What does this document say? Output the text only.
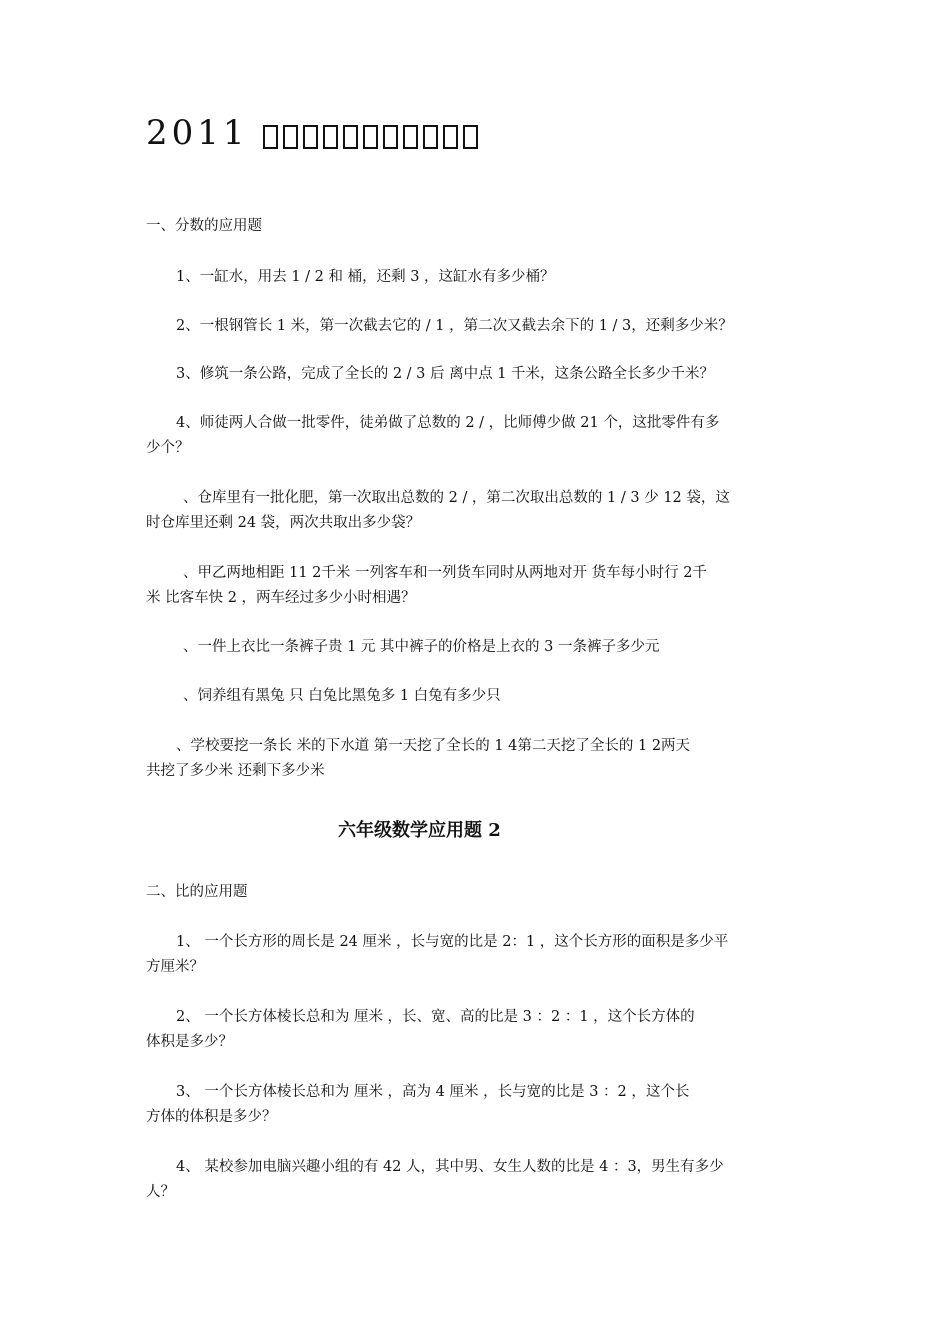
2011
一、分数的应用题
1、一缸水，用去 1 / 2 和 桶，还剩 3 ，这缸水有多少桶？
2、一根钢管长 1 米，第一次截去它的 / 1 ，第二次又截去余下的 1 / 3，还剩多少米？
3、修筑一条公路，完成了全长的 2 / 3 后 离中点 1 千米，这条公路全长多少千米？
4、师徒两人合做一批零件，徒弟做了总数的 2 / ，比师傅少做 21 个，这批零件有多
少个？
、仓库里有一批化肥，第一次取出总数的 2 / ，第二次取出总数的 1 / 3 少 12 袋，这
时仓库里还剩 24 袋，两次共取出多少袋？
、甲乙两地相距 11 2千米 一列客车和一列货车同时从两地对开 货车每小时行 2千
米 比客车快 2 ，两车经过多少小时相遇？
、一件上衣比一条裤子贵 1 元 其中裤子的价格是上衣的 3 一条裤子多少元
、饲养组有黑兔 只 白兔比黑兔多 1 白兔有多少只
、学校要挖一条长 米的下水道 第一天挖了全长的 1 4第二天挖了全长的 1 2两天
共挖了多少米 还剩下多少米
六年级数学应用题 2
二、比的应用题
1、 一个长方形的周长是 24 厘米 ，长与宽的比是 2：1 ，这个长方形的面积是多少平
方厘米？
2、 一个长方体棱长总和为 厘米 ，长、宽、高的比是 3 ：2 ：1 ，这个长方体的
体积是多少？
3、 一个长方体棱长总和为 厘米 ，高为 4 厘米 ，长与宽的比是 3 ：2 ，这个长
方体的体积是多少？
4、 某校参加电脑兴趣小组的有 42 人，其中男、女生人数的比是 4 ：3，男生有多少
人？
